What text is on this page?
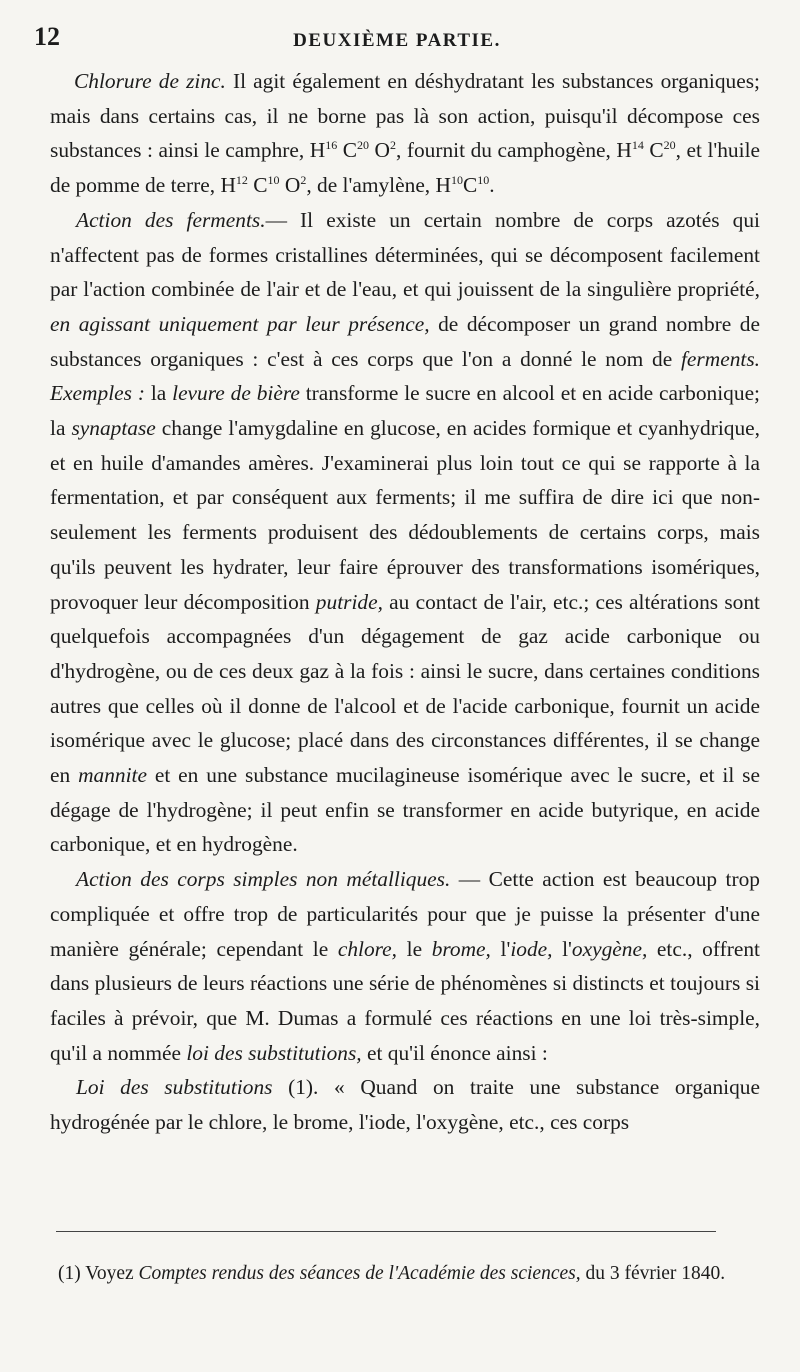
12	DEUXIÈME PARTIE.

Chlorure de zinc. Il agit également en déshydratant les substances organiques; mais dans certains cas, il ne borne pas là son action, puisqu'il décompose ces substances : ainsi le camphre, $H^{16}$ $C^{20}$ $O^2$, fournit du camphogène, $H^{14}$ $C^{20}$, et l'huile de pomme de terre, $H^{12}$ $C^{10}$ $O^2$, de l'amylène, $H^{10}C^{10}$.

Action des ferments.— Il existe un certain nombre de corps azotés qui n'affectent pas de formes cristallines déterminées, qui se décomposent facilement par l'action combinée de l'air et de l'eau, et qui jouissent de la singulière propriété, en agissant uniquement par leur présence, de décomposer un grand nombre de substances organiques : c'est à ces corps que l'on a donné le nom de ferments. Exemples : la levure de bière transforme le sucre en alcool et en acide carbonique; la synaptase change l'amygdaline en glucose, en acides formique et cyanhydrique, et en huile d'amandes amères. J'examinerai plus loin tout ce qui se rapporte à la fermentation, et par conséquent aux ferments; il me suffira de dire ici que non-seulement les ferments produisent des dédoublements de certains corps, mais qu'ils peuvent les hydrater, leur faire éprouver des transformations isomériques, provoquer leur décomposition putride, au contact de l'air, etc.; ces altérations sont quelquefois accompagnées d'un dégagement de gaz acide carbonique ou d'hydrogène, ou de ces deux gaz à la fois : ainsi le sucre, dans certaines conditions autres que celles où il donne de l'alcool et de l'acide carbonique, fournit un acide isomérique avec le glucose; placé dans des circonstances différentes, il se change en mannite et en une substance mucilagineuse isomérique avec le sucre, et il se dégage de l'hydrogène; il peut enfin se transformer en acide butyrique, en acide carbonique, et en hydrogène.

Action des corps simples non métalliques. — Cette action est beaucoup trop compliquée et offre trop de particularités pour que je puisse la présenter d'une manière générale; cependant le chlore, le brome, l'iode, l'oxygène, etc., offrent dans plusieurs de leurs réactions une série de phénomènes si distincts et toujours si faciles à prévoir, que M. Dumas a formulé ces réactions en une loi très-simple, qu'il a nommée loi des substitutions, et qu'il énonce ainsi :

Loi des substitutions (1). « Quand on traite une substance organique hydrogénée par le chlore, le brome, l'iode, l'oxygène, etc., ces corps

(1) Voyez Comptes rendus des séances de l'Académie des sciences, du 3 février 1840.
